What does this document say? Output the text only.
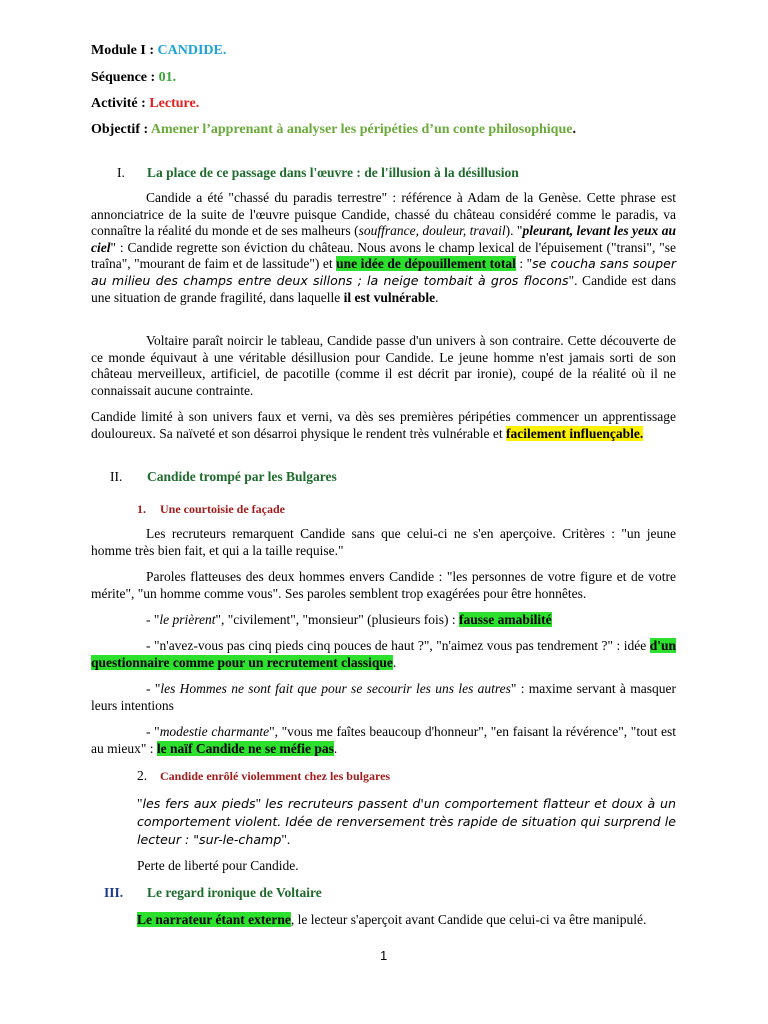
Module I : CANDIDE.
Séquence : 01.
Activité : Lecture.
Objectif : Amener l’apprenant à analyser les péripéties d’un conte philosophique.
I. La place de ce passage dans l'œuvre : de l'illusion à la désillusion
Candide a été "chassé du paradis terrestre" : référence à Adam de la Genèse. Cette phrase est annonciatrice de la suite de l'œuvre puisque Candide, chassé du château considéré comme le paradis, va connaître la réalité du monde et de ses malheurs (souffrance, douleur, travail). "pleurant, levant les yeux au ciel" : Candide regrette son éviction du château. Nous avons le champ lexical de l'épuisement ("transi", "se traîna", "mourant de faim et de lassitude") et une idée de dépouillement total : "se coucha sans souper au milieu des champs entre deux sillons ; la neige tombait à gros flocons". Candide est dans une situation de grande fragilité, dans laquelle il est vulnérable.
Voltaire paraît noircir le tableau, Candide passe d'un univers à son contraire. Cette découverte de ce monde équivaut à une véritable désillusion pour Candide. Le jeune homme n'est jamais sorti de son château merveilleux, artificiel, de pacotille (comme il est décrit par ironie), coupé de la réalité où il ne connaissait aucune contrainte.
Candide limité à son univers faux et verni, va dès ses premières péripéties commencer un apprentissage douloureux. Sa naïveté et son désarroi physique le rendent très vulnérable et facilement influençable.
II. Candide trompé par les Bulgares
1. Une courtoisie de façade
Les recruteurs remarquent Candide sans que celui-ci ne s'en aperçoive. Critères : "un jeune homme très bien fait, et qui a la taille requise."
Paroles flatteuses des deux hommes envers Candide : "les personnes de votre figure et de votre mérite", "un homme comme vous". Ses paroles semblent trop exagérées pour être honnêtes.
- "le prièrent", "civilement", "monsieur" (plusieurs fois) : fausse amabilité
- "n'avez-vous pas cinq pieds cinq pouces de haut ?", "n'aimez vous pas tendrement ?" : idée d'un questionnaire comme pour un recrutement classique.
- "les Hommes ne sont fait que pour se secourir les uns les autres" : maxime servant à masquer leurs intentions
- "modestie charmante", "vous me faîtes beaucoup d'honneur", "en faisant la révérence", "tout est au mieux" : le naïf Candide ne se méfie pas.
2. Candide enrôlé violemment chez les bulgares
"les fers aux pieds" les recruteurs passent d'un comportement flatteur et doux à un comportement violent. Idée de renversement très rapide de situation qui surprend le lecteur : "sur-le-champ".
Perte de liberté pour Candide.
III. Le regard ironique de Voltaire
Le narrateur étant externe, le lecteur s'aperçoit avant Candide que celui-ci va être manipulé.
1
